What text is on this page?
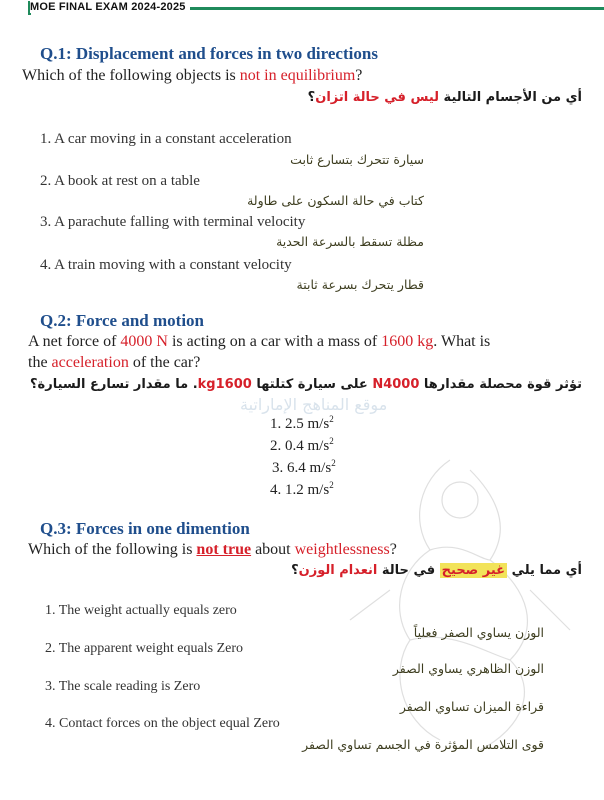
MOE FINAL EXAM 2024-2025
Q.1: Displacement and forces in two directions
Which of the following objects is not in equilibrium?
أي من الأجسام التالية ليس في حالة اتزان؟
1. A car moving in a constant acceleration
سيارة تتحرك بتسارع ثابت
2. A book at rest on a table
كتاب في حالة السكون على طاولة
3. A parachute falling with terminal velocity
مظلة تسقط بالسرعة الحدية
4. A train moving with a constant velocity
قطار يتحرك بسرعة ثابتة
Q.2: Force and motion
A net force of 4000 N is acting on a car with a mass of 1600 kg. What is
the acceleration of the car?
تؤثر قوة محصلة مقدارها N4000 على سيارة كتلتها kg1600. ما مقدار تسارع السيارة؟
موقع المناهج الإماراتية
1. 2.5 $m/s^2$
2. 0.4 $m/s^2$
3. 6.4 $m/s^2$
4. 1.2 $m/s^2$
Q.3: Forces in one dimention
Which of the following is not true about weightlessness?
أي مما يلي غير صحيح في حالة انعدام الوزن؟
1. The weight actually equals zero
الوزن يساوي الصفر فعلياً
2. The apparent weight equals Zero
الوزن الظاهري يساوي الصفر
3. The scale reading is Zero
قراءة الميزان تساوي الصفر
4. Contact forces on the object equal Zero
قوى التلامس المؤثرة في الجسم تساوي الصفر
